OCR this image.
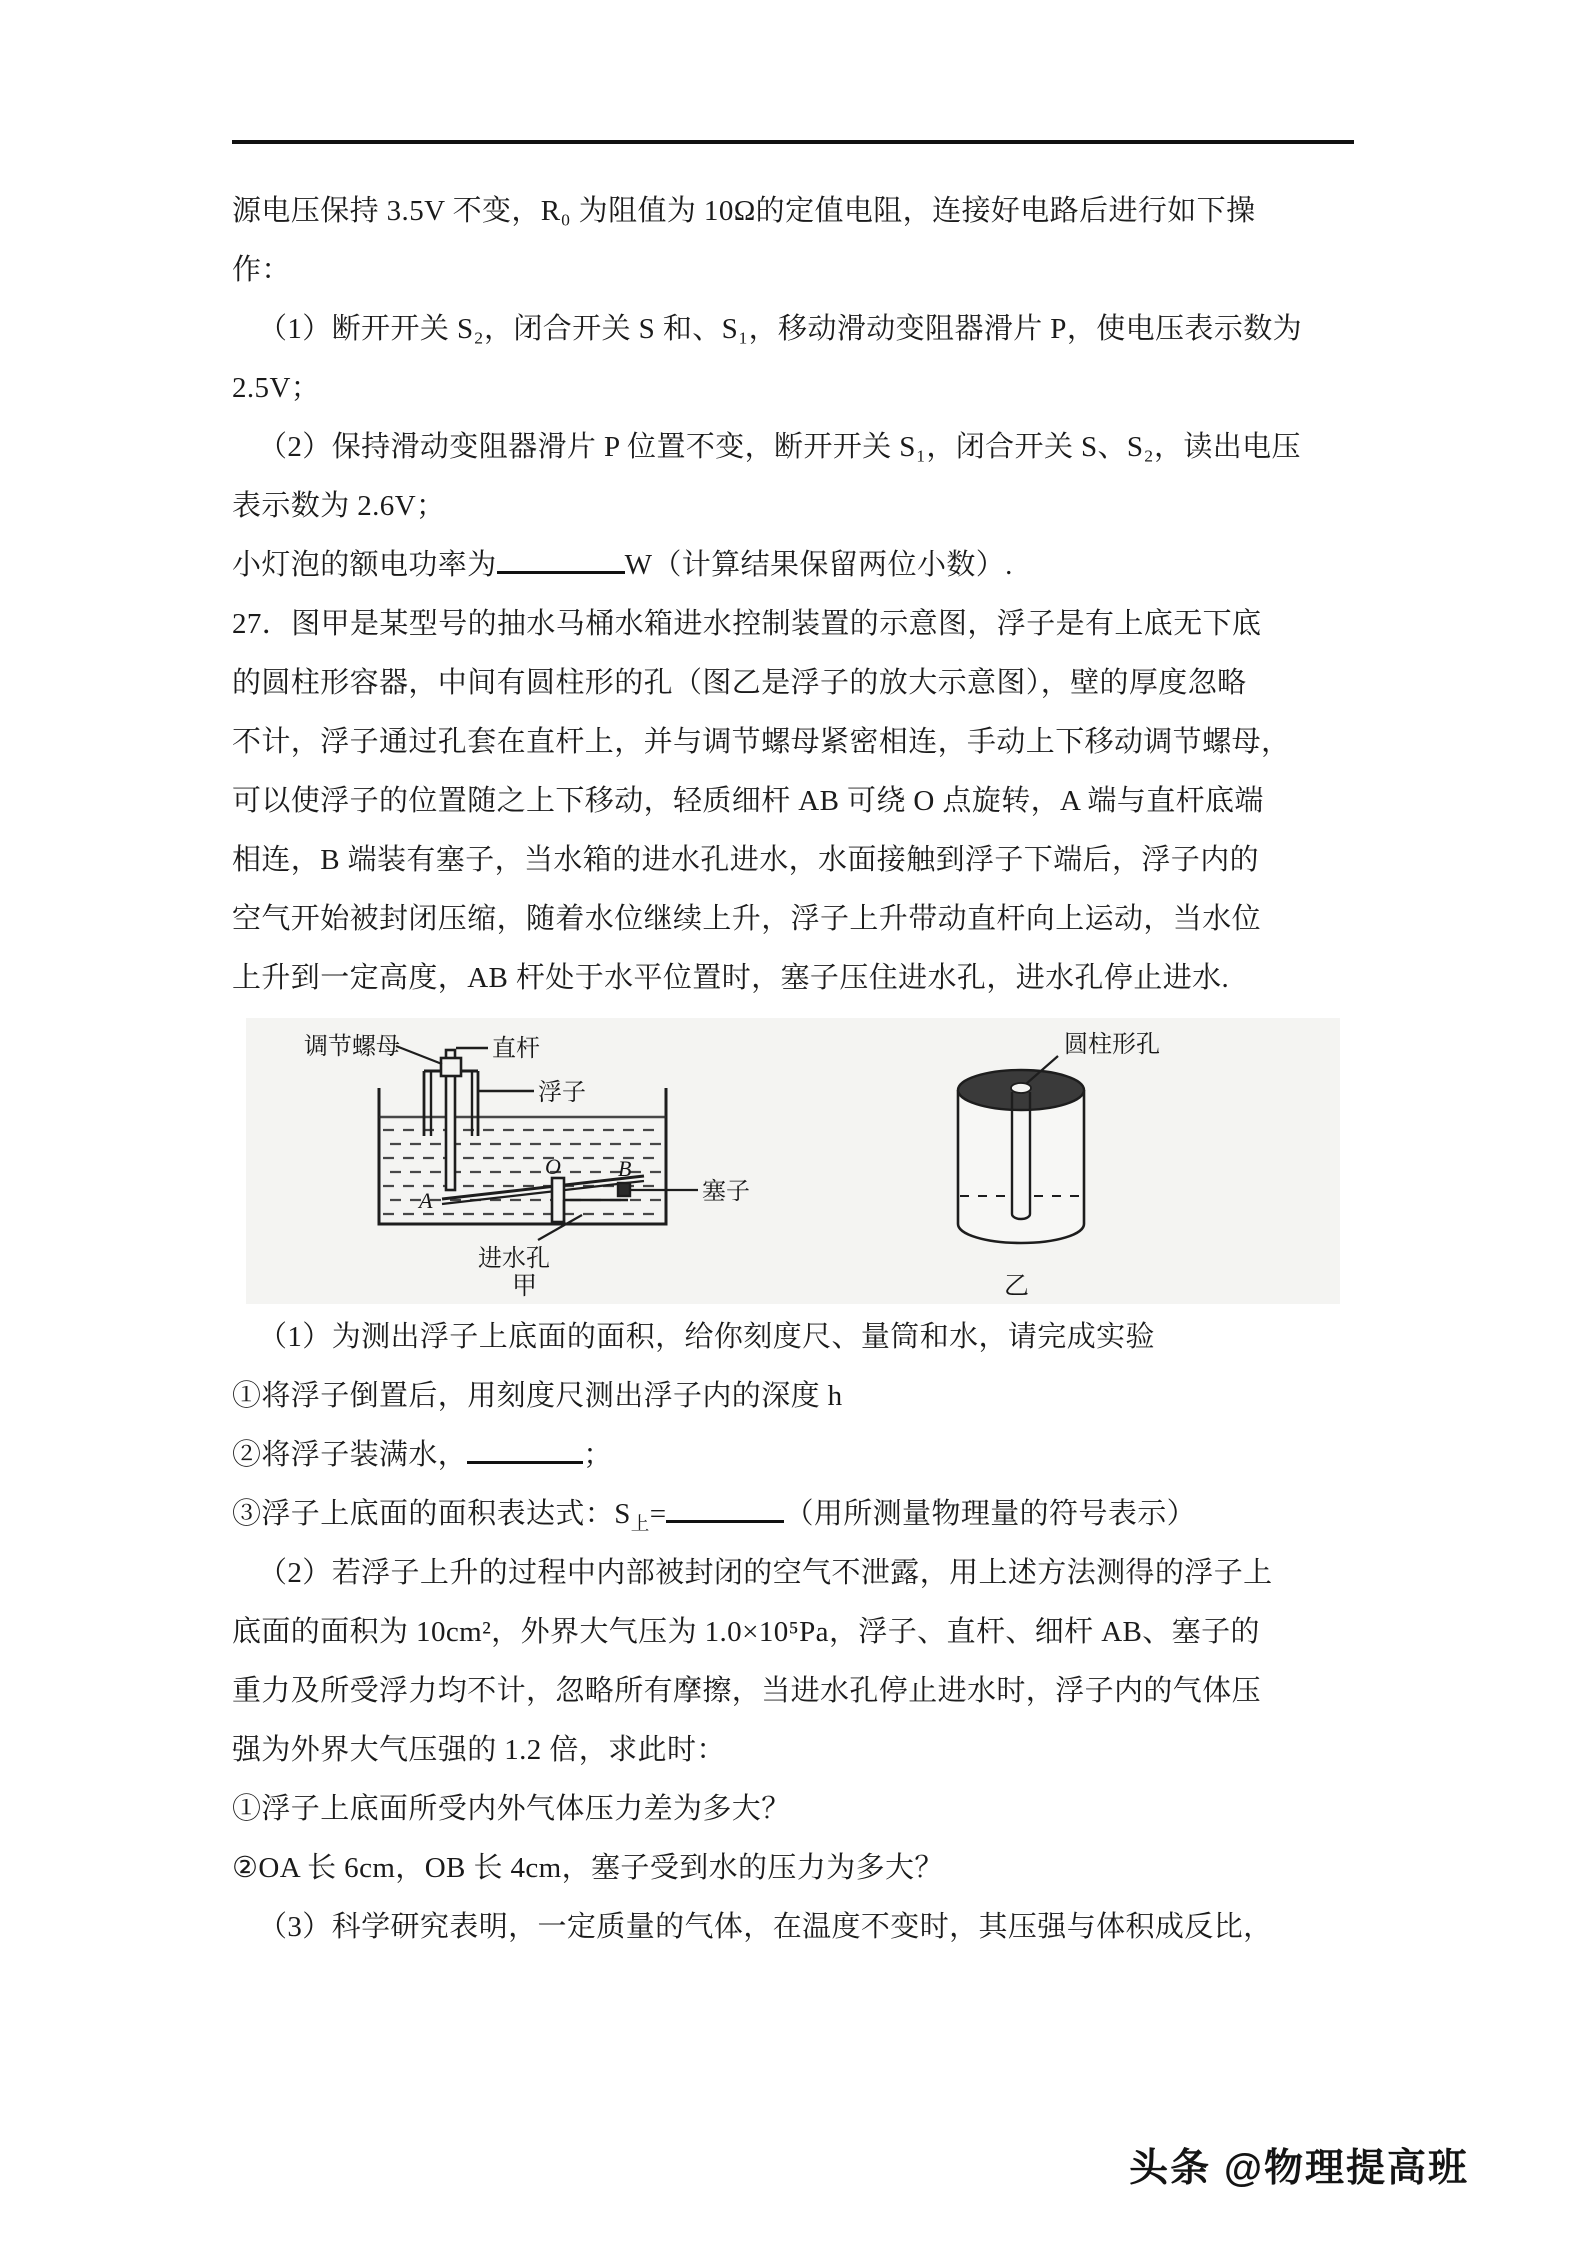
源电压保持 3.5V 不变，R₀ 为阻值为 10Ω的定值电阻，连接好电路后进行如下操
作：
（1）断开开关 S₂，闭合开关 S 和、S₁，移动滑动变阻器滑片 P，使电压表示数为
2.5V；
（2）保持滑动变阻器滑片 P 位置不变，断开开关 S₁，闭合开关 S、S₂，读出电压
表示数为 2.6V；
小灯泡的额电功率为	W（计算结果保留两位小数）.
27．图甲是某型号的抽水马桶水箱进水控制装置的示意图，浮子是有上底无下底
的圆柱形容器，中间有圆柱形的孔（图乙是浮子的放大示意图），壁的厚度忽略
不计，浮子通过孔套在直杆上，并与调节螺母紧密相连，手动上下移动调节螺母，
可以使浮子的位置随之上下移动，轻质细杆 AB 可绕 O 点旋转，A 端与直杆底端
相连，B 端装有塞子，当水箱的进水孔进水，水面接触到浮子下端后，浮子内的
空气开始被封闭压缩，随着水位继续上升，浮子上升带动直杆向上运动，当水位
上升到一定高度，AB 杆处于水平位置时，塞子压住进水孔，进水孔停止进水.
调节螺母	直杆
浮子
A
O	B
塞子
进水孔
甲
圆柱形孔
乙
（1）为测出浮子上底面的面积，给你刻度尺、量筒和水，请完成实验
①将浮子倒置后，用刻度尺测出浮子内的深度 h
②将浮子装满水，	；
③浮子上底面的面积表达式：$S_上=$	（用所测量物理量的符号表示）
（2）若浮子上升的过程中内部被封闭的空气不泄露，用上述方法测得的浮子上
底面的面积为 10cm²，外界大气压为 1.0×10⁵Pa，浮子、直杆、细杆 AB、塞子的
重力及所受浮力均不计，忽略所有摩擦，当进水孔停止进水时，浮子内的气体压
强为外界大气压强的 1.2 倍，求此时：
①浮子上底面所受内外气体压力差为多大？
②OA 长 6cm，OB 长 4cm，塞子受到水的压力为多大？
（3）科学研究表明，一定质量的气体，在温度不变时，其压强与体积成反比，
头条 @物理提高班
